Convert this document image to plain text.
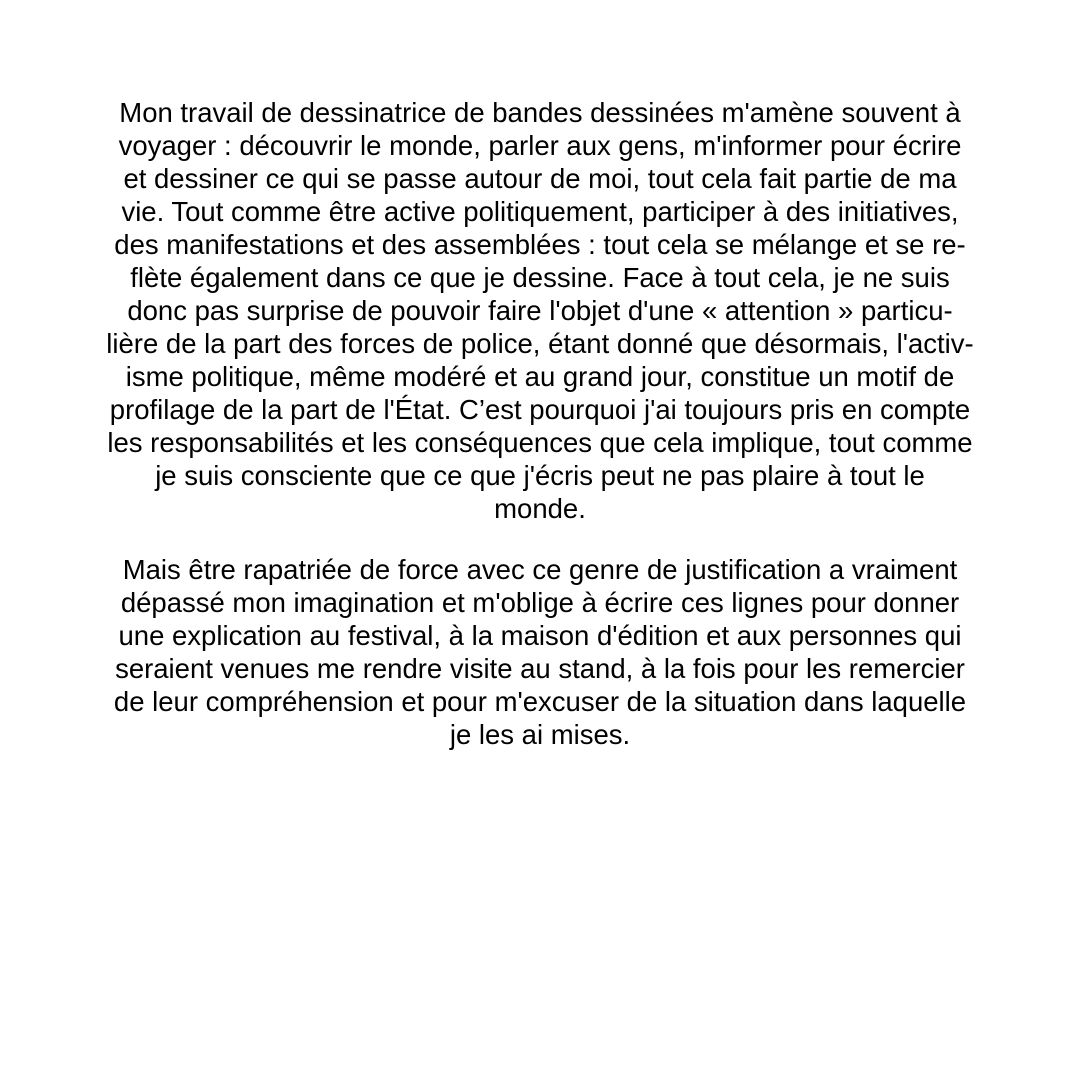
Mon travail de dessinatrice de bandes dessinées m'amène souvent à
voyager : découvrir le monde, parler aux gens, m'informer pour écrire
et dessiner ce qui se passe autour de moi, tout cela fait partie de ma
vie. Tout comme être active politiquement, participer à des initiatives,
des manifestations et des assemblées : tout cela se mélange et se re-
flète également dans ce que je dessine. Face à tout cela, je ne suis
donc pas surprise de pouvoir faire l'objet d'une « attention » particu-
lière de la part des forces de police, étant donné que désormais, l'activ-
isme politique, même modéré et au grand jour, constitue un motif de
profilage de la part de l'État. C’est pourquoi j'ai toujours pris en compte
les responsabilités et les conséquences que cela implique, tout comme
je suis consciente que ce que j'écris peut ne pas plaire à tout le
monde.
Mais être rapatriée de force avec ce genre de justification a vraiment
dépassé mon imagination et m'oblige à écrire ces lignes pour donner
une explication au festival, à la maison d'édition et aux personnes qui
seraient venues me rendre visite au stand, à la fois pour les remercier
de leur compréhension et pour m'excuser de la situation dans laquelle
je les ai mises.
